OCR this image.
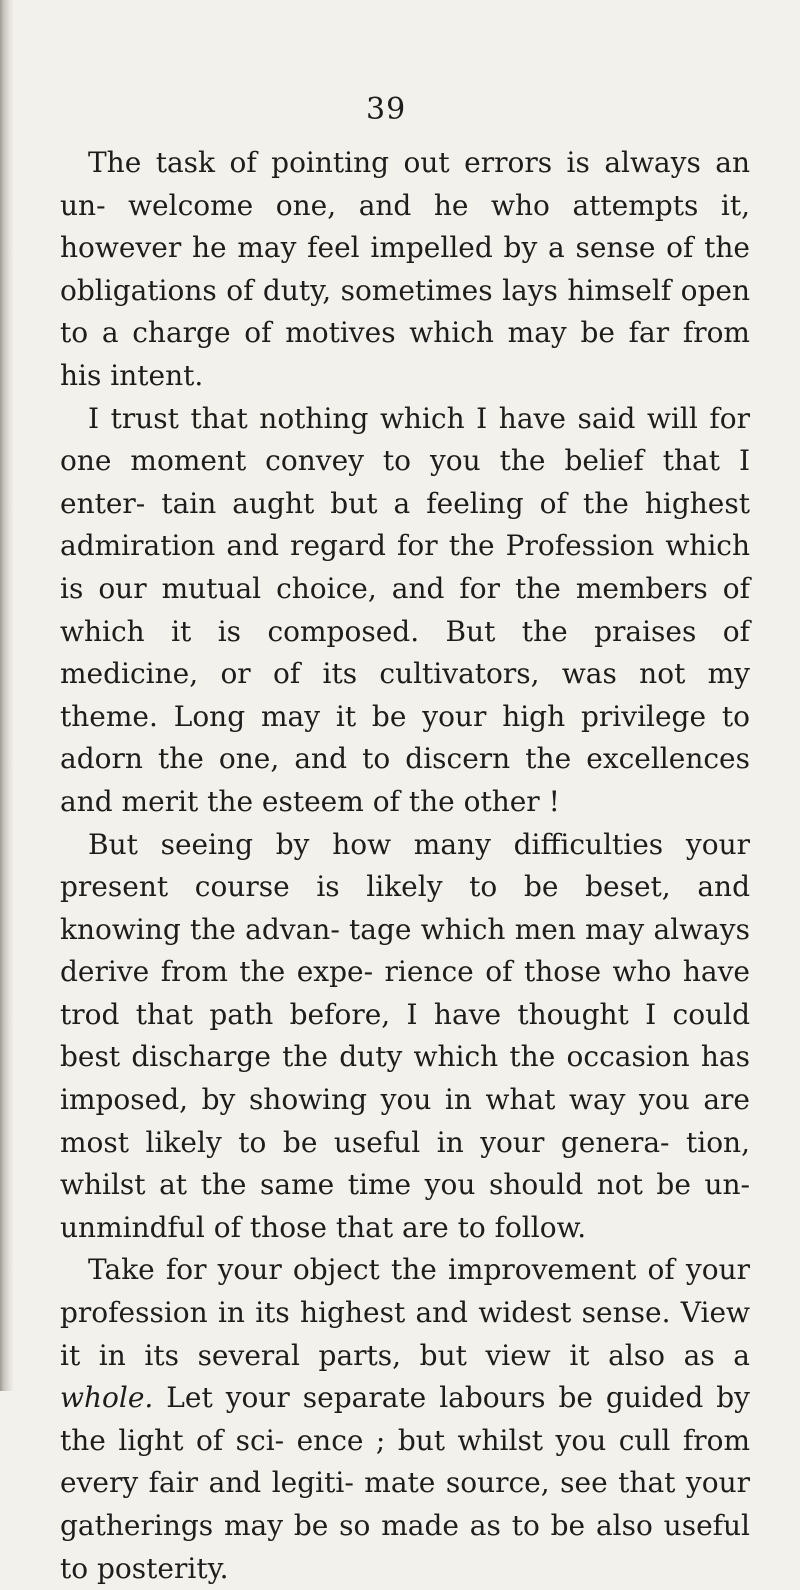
39

The task of pointing out errors is always an un- welcome one, and he who attempts it, however he may feel impelled by a sense of the obligations of duty, sometimes lays himself open to a charge of motives which may be far from his intent.

I trust that nothing which I have said will for one moment convey to you the belief that I enter- tain aught but a feeling of the highest admiration and regard for the Profession which is our mutual choice, and for the members of which it is composed. But the praises of medicine, or of its cultivators, was not my theme. Long may it be your high privilege to adorn the one, and to discern the excellences and merit the esteem of the other !

But seeing by how many difficulties your present course is likely to be beset, and knowing the advan- tage which men may always derive from the expe- rience of those who have trod that path before, I have thought I could best discharge the duty which the occasion has imposed, by showing you in what way you are most likely to be useful in your genera- tion, whilst at the same time you should not be un- unmindful of those that are to follow.

Take for your object the improvement of your profession in its highest and widest sense. View it in its several parts, but view it also as a whole. Let your separate labours be guided by the light of sci- ence ; but whilst you cull from every fair and legiti- mate source, see that your gatherings may be so made as to be also useful to posterity.
